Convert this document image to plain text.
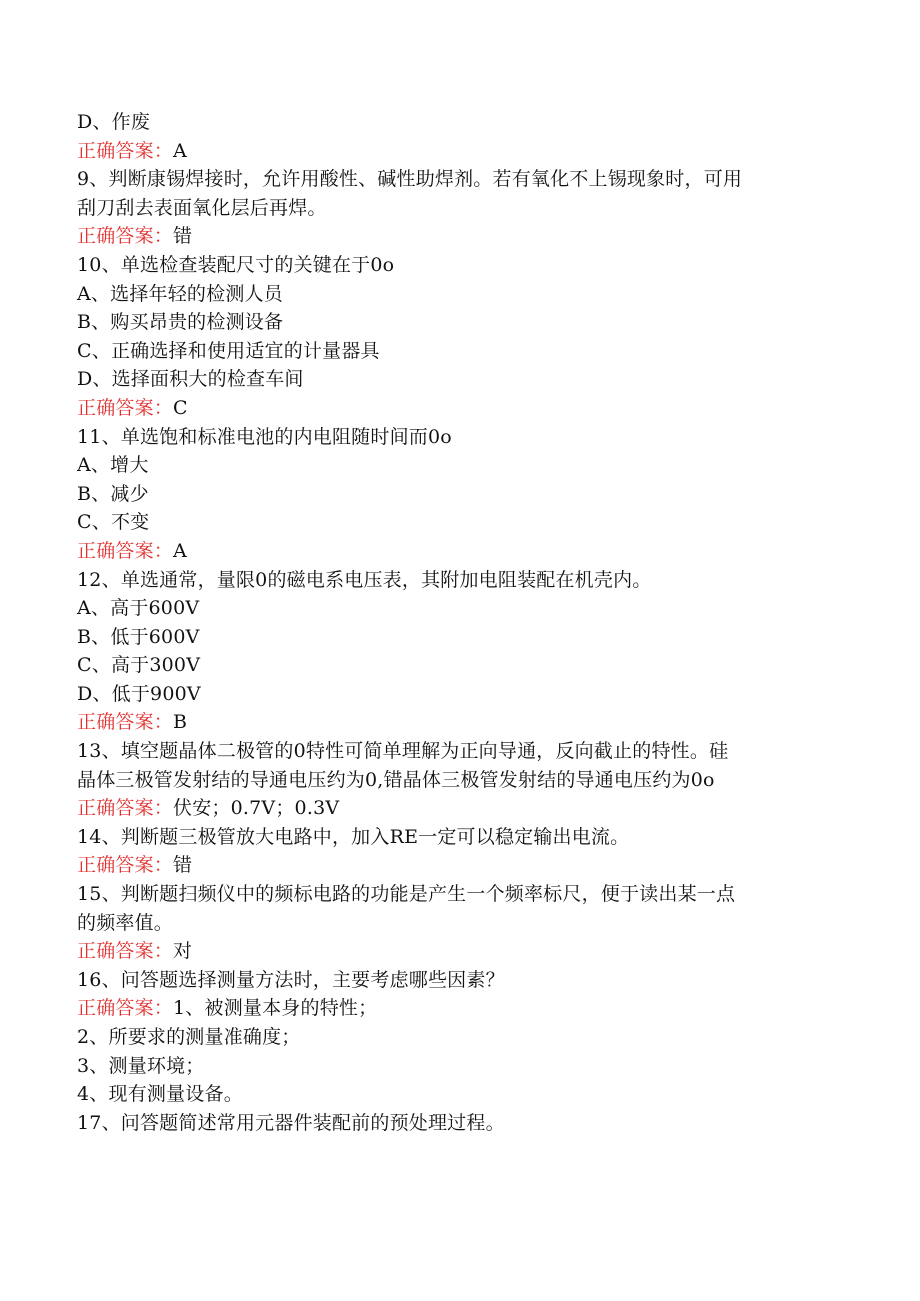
D、作废
正确答案：A
9、判断康锡焊接时，允许用酸性、碱性助焊剂。若有氧化不上锡现象时，可用
刮刀刮去表面氧化层后再焊。
正确答案：错
10、单选检查装配尺寸的关键在于0o
A、选择年轻的检测人员
B、购买昂贵的检测设备
C、正确选择和使用适宜的计量器具
D、选择面积大的检查车间
正确答案：C
11、单选饱和标准电池的内电阻随时间而0o
A、增大
B、减少
C、不变
正确答案：A
12、单选通常，量限0的磁电系电压表，其附加电阻装配在机壳内。
A、高于600V
B、低于600V
C、高于300V
D、低于900V
正确答案：B
13、填空题晶体二极管的0特性可简单理解为正向导通，反向截止的特性。硅
晶体三极管发射结的导通电压约为0,错晶体三极管发射结的导通电压约为0o
正确答案：伏安；0.7V；0.3V
14、判断题三极管放大电路中，加入RE一定可以稳定输出电流。
正确答案：错
15、判断题扫频仪中的频标电路的功能是产生一个频率标尺，便于读出某一点
的频率值。
正确答案：对
16、问答题选择测量方法时，主要考虑哪些因素？
正确答案：1、被测量本身的特性；
2、所要求的测量准确度；
3、测量环境；
4、现有测量设备。
17、问答题简述常用元器件装配前的预处理过程。
